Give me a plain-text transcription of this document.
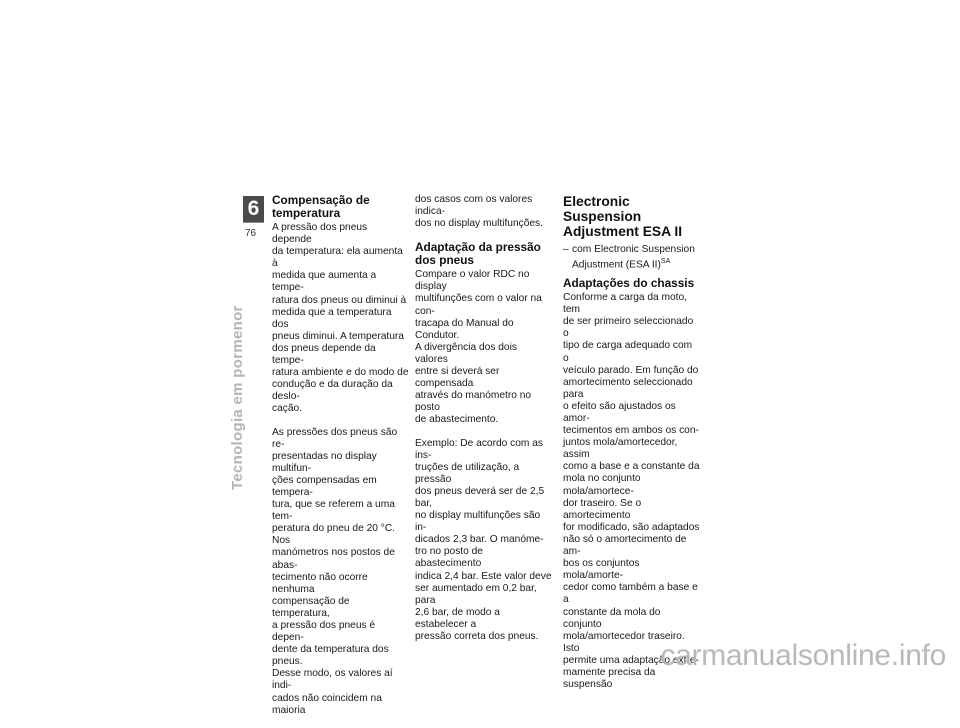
6
76
Tecnologia em pormenor
Compensação de temperatura

A pressão dos pneus depende
da temperatura: ela aumenta à
medida que aumenta a tempe-
ratura dos pneus ou diminui à
medida que a temperatura dos
pneus diminui. A temperatura
dos pneus depende da tempe-
ratura ambiente e do modo de
condução e da duração da deslo-
cação.

As pressões dos pneus são re-
presentadas no display multifun-
ções compensadas em tempera-
tura, que se referem a uma tem-
peratura do pneu de 20 °C. Nos
manómetros nos postos de abas-
tecimento não ocorre nenhuma
compensação de temperatura,
a pressão dos pneus é depen-
dente da temperatura dos pneus.
Desse modo, os valores aí indi-
cados não coincidem na maioria

dos casos com os valores indica-
dos no display multifunções.

Adaptação da pressão dos pneus

Compare o valor RDC no display
multifunções com o valor na con-
tracapa do Manual do Condutor.
A divergência dos dois valores
entre si deverá ser compensada
através do manómetro no posto
de abastecimento.

Exemplo: De acordo com as ins-
truções de utilização, a pressão
dos pneus deverá ser de 2,5 bar,
no display multifunções são in-
dicados 2,3 bar. O manóme-
tro no posto de abastecimento
indica 2,4 bar. Este valor deve
ser aumentado em 0,2 bar, para
2,6 bar, de modo a estabelecer a
pressão correta dos pneus.

Electronic Suspension Adjustment ESA II
– com Electronic Suspension Adjustment (ESA II)$^{SA}$
Adaptações do chassis

Conforme a carga da moto, tem
de ser primeiro seleccionado o
tipo de carga adequado com o
veículo parado. Em função do
amortecimento seleccionado para
o efeito são ajustados os amor-
tecimentos em ambos os con-
juntos mola/amortecedor, assim
como a base e a constante da
mola no conjunto mola/amortece-
dor traseiro. Se o amortecimento
for modificado, são adaptados
não só o amortecimento de am-
bos os conjuntos mola/amorte-
cedor como também a base e a
constante da mola do conjunto
mola/amortecedor traseiro. Isto
permite uma adaptação extre-
mamente precisa da suspensão

carmanualsonline.info
